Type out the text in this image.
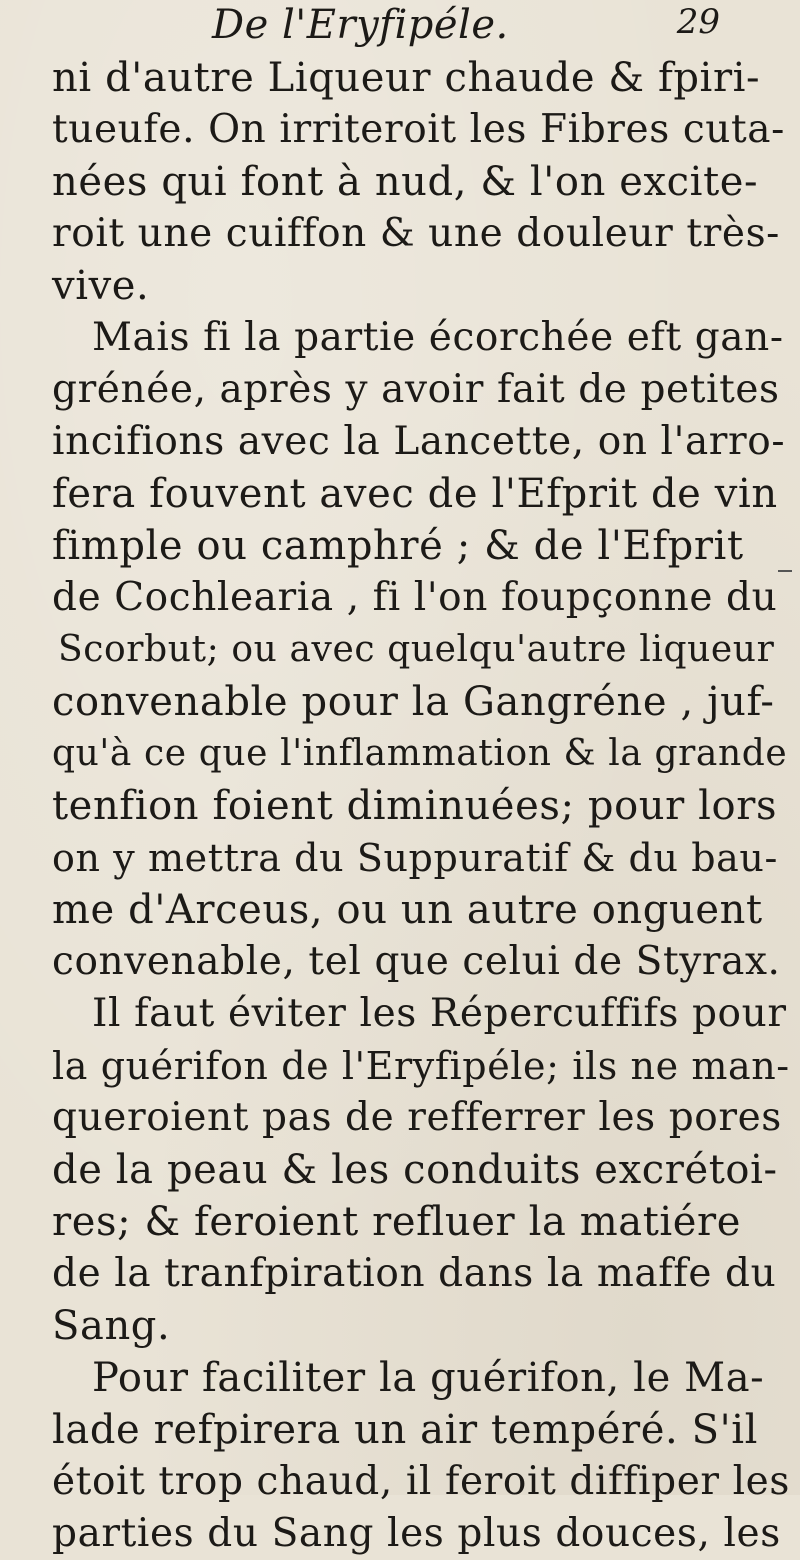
De l'Eryfipéle.	29
ni d'autre Liqueur chaude & fpiri-
tueufe. On irriteroit les Fibres cuta-
nées qui font à nud, & l'on excite-
roit une cuiffon & une douleur très-
vive.
Mais fi la partie écorchée eft gan-
grénée, après y avoir fait de petites
incifions avec la Lancette, on l'arro-
fera fouvent avec de l'Efprit de vin
fimple ou camphré ; & de l'Efprit
de Cochlearia , fi l'on foupçonne du
Scorbut; ou avec quelqu'autre liqueur
convenable pour la Gangréne , juf-
qu'à ce que l'inflammation & la grande
tenfion foient diminuées; pour lors
on y mettra du Suppuratif & du bau-
me d'Arceus, ou un autre onguent
convenable, tel que celui de Styrax.
Il faut éviter les Répercuffifs pour
la guérifon de l'Eryfipéle; ils ne man-
queroient pas de refferrer les pores
de la peau & les conduits excrétoi-
res; & feroient refluer la matiére
de la tranfpiration dans la maffe du
Sang.
Pour faciliter la guérifon, le Ma-
lade refpirera un air tempéré. S'il
étoit trop chaud, il feroit diffiper les
parties du Sang les plus douces, les
